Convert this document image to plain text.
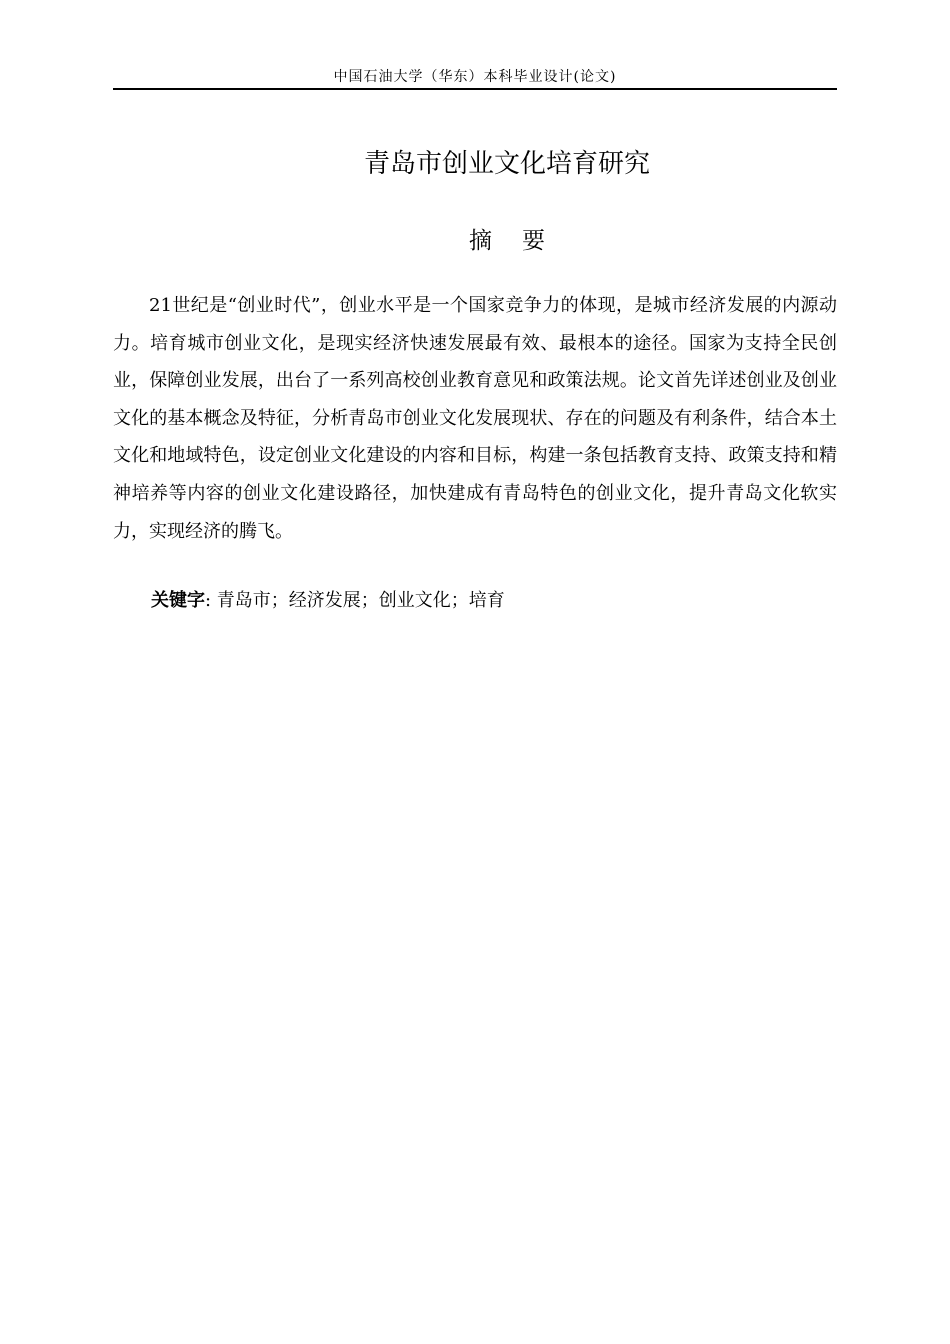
中国石油大学（华东）本科毕业设计(论文)
青岛市创业文化培育研究
摘要

21世纪是“创业时代”，创业水平是一个国家竞争力的体现，是城市经济发展的内源动力。培育城市创业文化，是现实经济快速发展最有效、最根本的途径。国家为支持全民创业，保障创业发展，出台了一系列高校创业教育意见和政策法规。论文首先详述创业及创业文化的基本概念及特征，分析青岛市创业文化发展现状、存在的问题及有利条件，结合本土文化和地域特色，设定创业文化建设的内容和目标，构建一条包括教育支持、政策支持和精神培养等内容的创业文化建设路径，加快建成有青岛特色的创业文化，提升青岛文化软实力，实现经济的腾飞。

关键字: 青岛市；经济发展；创业文化；培育
